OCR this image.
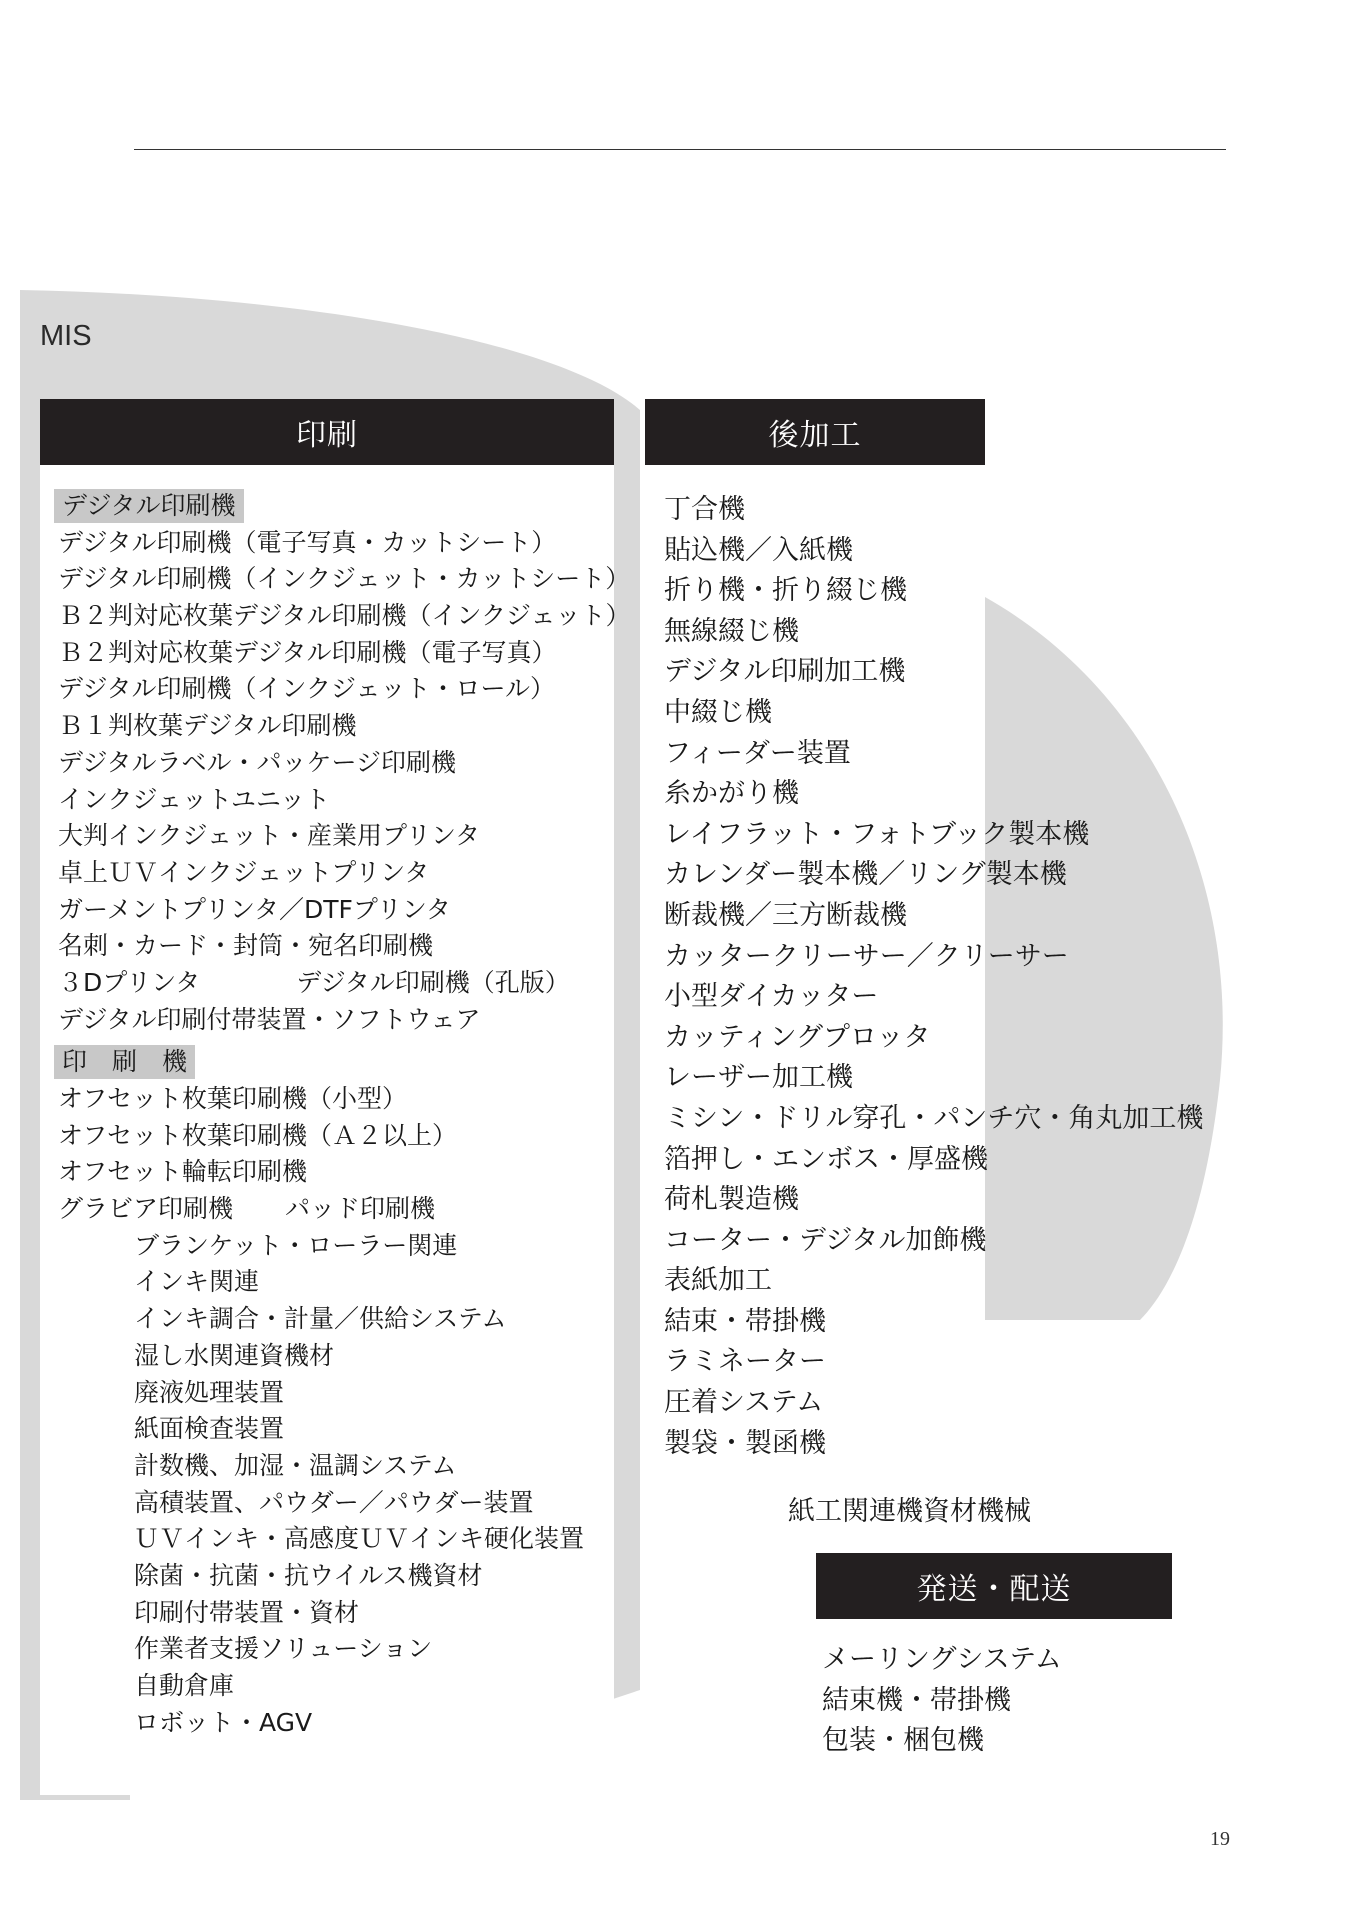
MIS
印刷	後加工
デジタル印刷機
デジタル印刷機（電子写真・カットシート）
デジタル印刷機（インクジェット・カットシート）
Ｂ２判対応枚葉デジタル印刷機（インクジェット）
Ｂ２判対応枚葉デジタル印刷機（電子写真）
デジタル印刷機（インクジェット・ロール）
Ｂ１判枚葉デジタル印刷機
デジタルラベル・パッケージ印刷機
インクジェットユニット
大判インクジェット・産業用プリンタ
卓上ＵＶインクジェットプリンタ
ガーメントプリンタ／DTFプリンタ
名刺・カード・封筒・宛名印刷機
３Dプリンタ	デジタル印刷機（孔版）
デジタル印刷付帯装置・ソフトウェア
印　刷　機
オフセット枚葉印刷機（小型）
オフセット枚葉印刷機（Ａ２以上）
オフセット輪転印刷機
グラビア印刷機 パッド印刷機
ブランケット・ローラー関連
インキ関連
インキ調合・計量／供給システム
湿し水関連資機材
廃液処理装置
紙面検査装置
計数機、加湿・温調システム
高積装置、パウダー／パウダー装置
ＵＶインキ・高感度ＵＶインキ硬化装置
除菌・抗菌・抗ウイルス機資材
印刷付帯装置・資材
作業者支援ソリューション
自動倉庫
ロボット・AGV
丁合機
貼込機／入紙機
折り機・折り綴じ機
無線綴じ機
デジタル印刷加工機
中綴じ機
フィーダー装置
糸かがり機
レイフラット・フォトブック製本機
カレンダー製本機／リング製本機
断裁機／三方断裁機
カッタークリーサー／クリーサー
小型ダイカッター
カッティングプロッタ
レーザー加工機
ミシン・ドリル穿孔・パンチ穴・角丸加工機
箔押し・エンボス・厚盛機
荷札製造機
コーター・デジタル加飾機
表紙加工
結束・帯掛機
ラミネーター
圧着システム
製袋・製函機
紙工関連機資材機械
発送・配送
メーリングシステム
結束機・帯掛機
包装・梱包機
19
